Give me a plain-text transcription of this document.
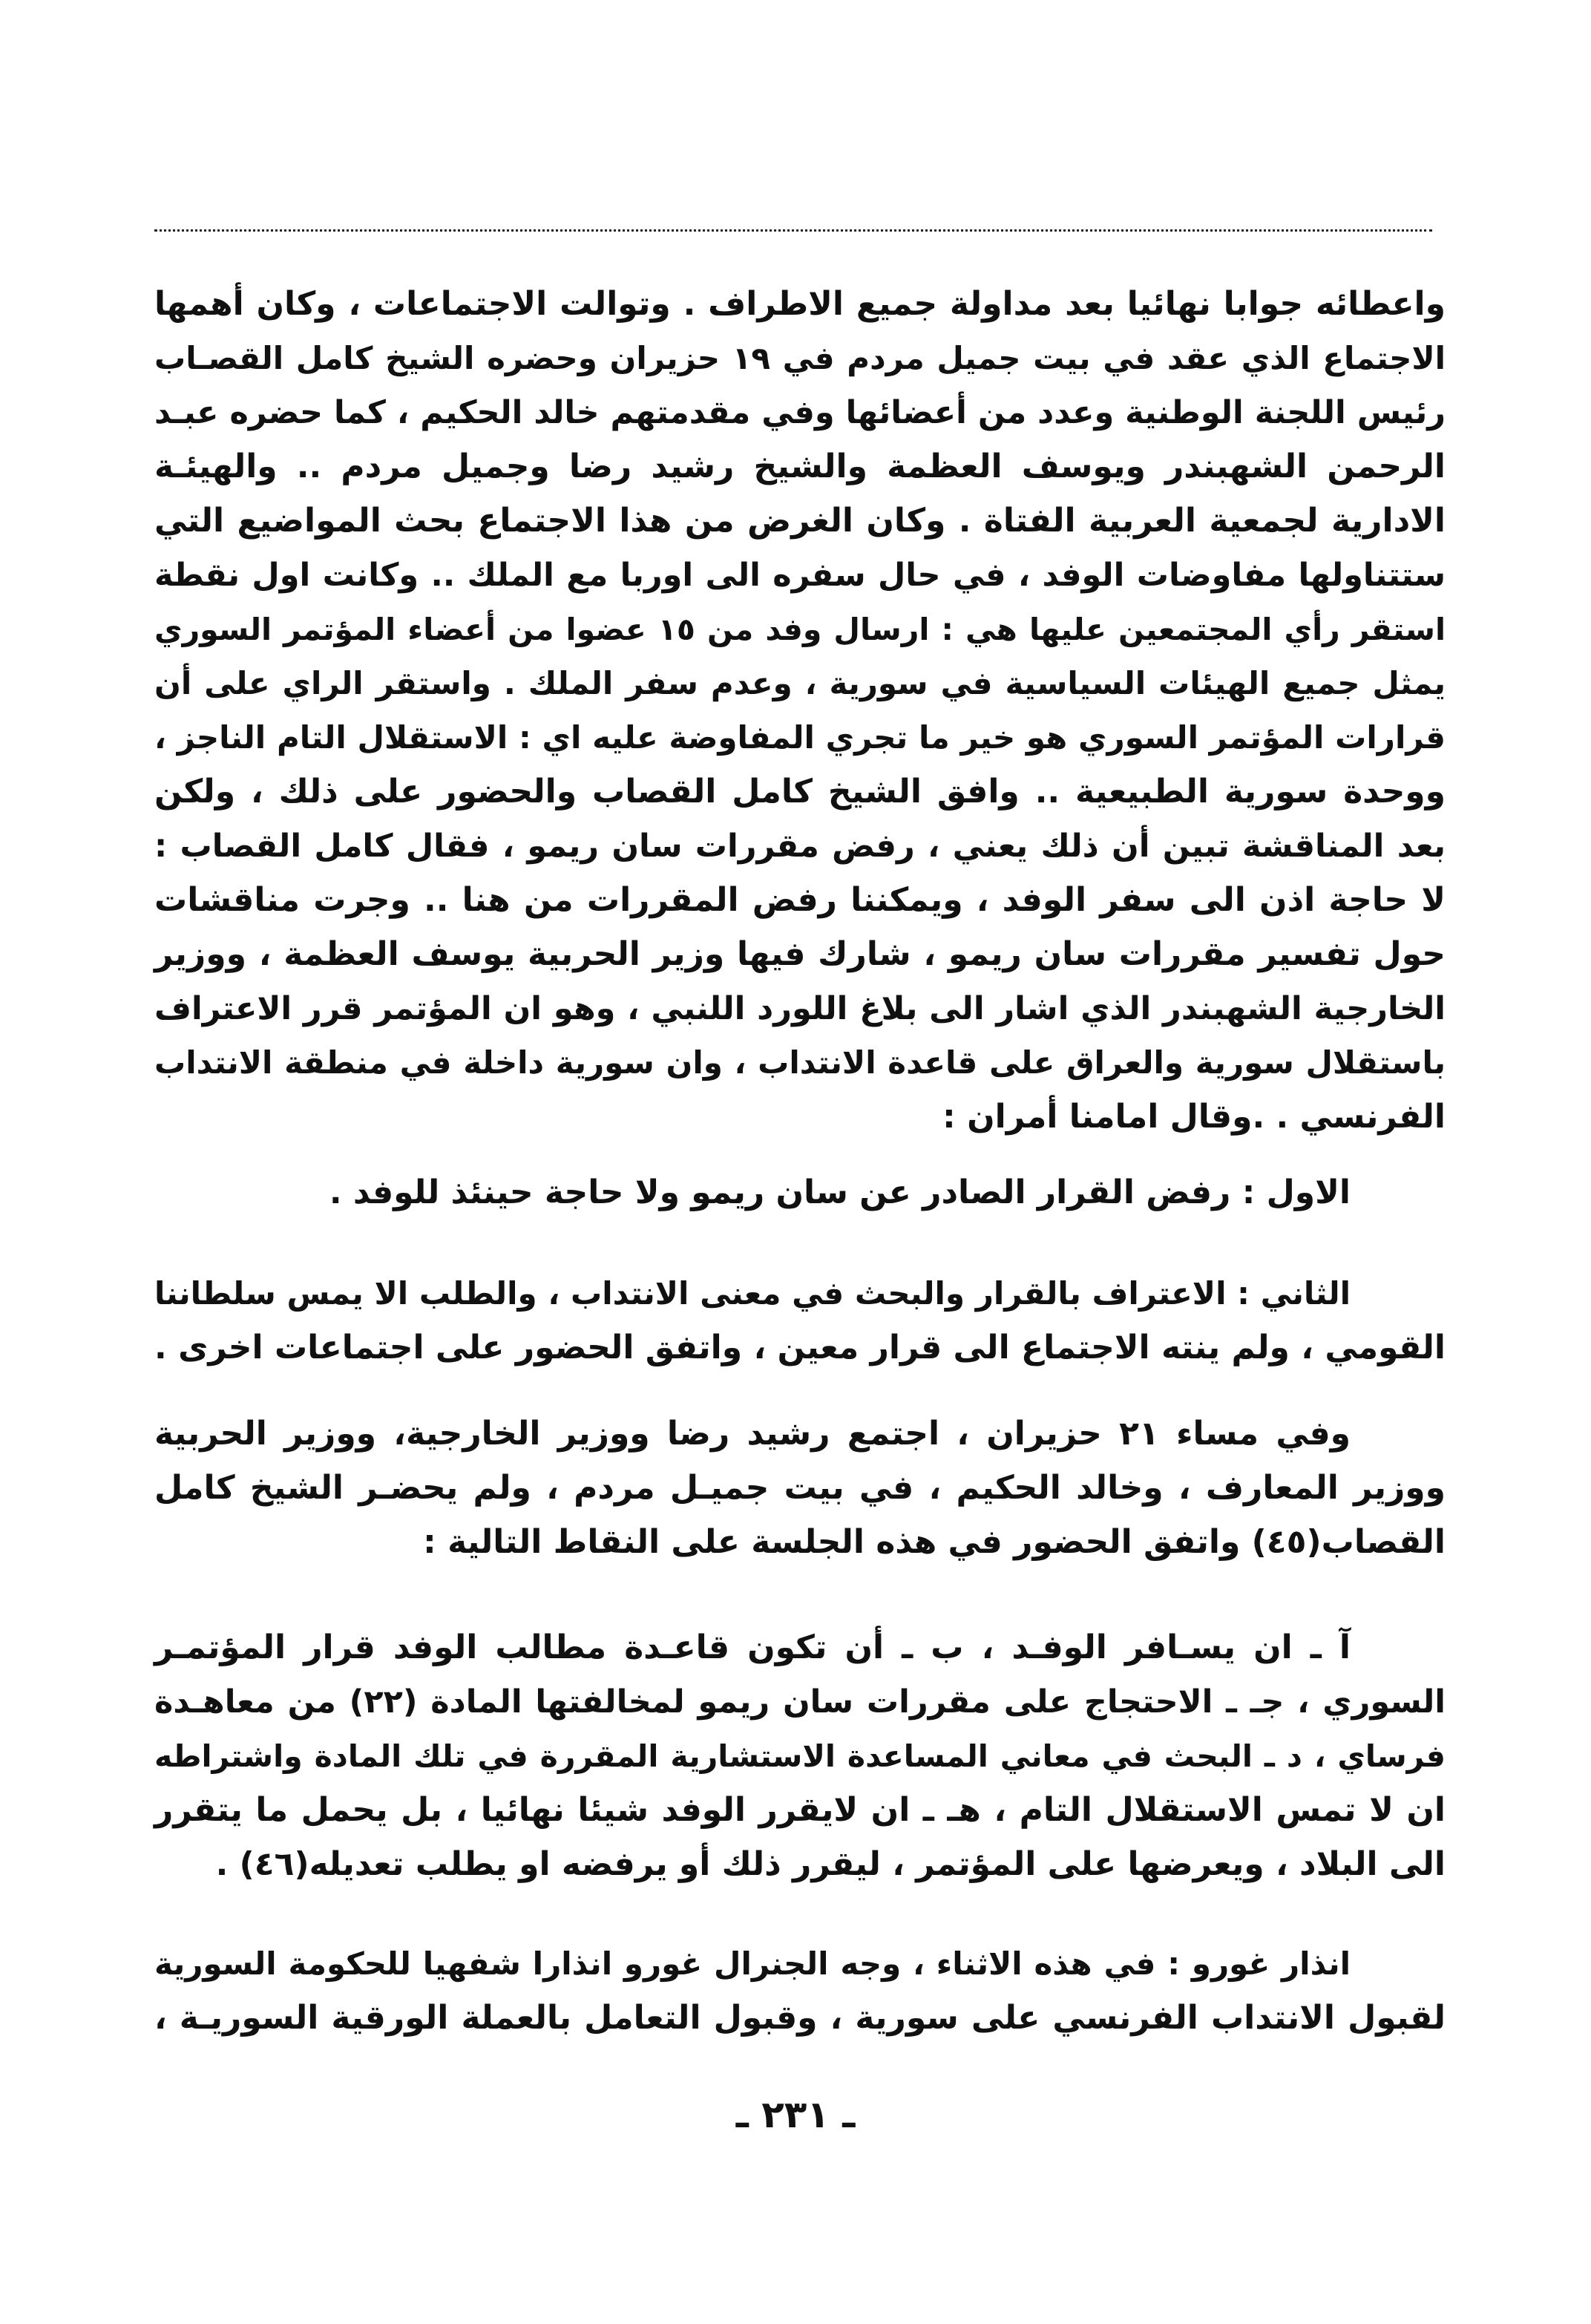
واعطائه جوابا نهائيا بعد مداولة جميع الاطراف . وتوالت الاجتماعات ، وكان أهمها
الاجتماع الذي عقد في بيت جميل مردم في ١٩ حزيران وحضره الشيخ كامل القصـاب
رئيس اللجنة الوطنية وعدد من أعضائها وفي مقدمتهم خالد الحكيم ، كما حضره عبـد
الرحمن الشهبندر ويوسف العظمة والشيخ رشيد رضا وجميل مردم .. والهيئـة
الادارية لجمعية العربية الفتاة . وكان الغرض من هذا الاجتماع بحث المواضيع التي
ستتناولها مفاوضات الوفد ، في حال سفره الى اوربا مع الملك .. وكانت اول نقطة
استقر رأي المجتمعين عليها هي : ارسال وفد من ١٥ عضوا من أعضاء المؤتمر السوري
يمثل جميع الهيئات السياسية في سورية ، وعدم سفر الملك . واستقر الراي على أن
قرارات المؤتمر السوري هو خير ما تجري المفاوضة عليه اي : الاستقلال التام الناجز ،
ووحدة سورية الطبيعية .. وافق الشيخ كامل القصاب والحضور على ذلك ، ولكن
بعد المناقشة تبين أن ذلك يعني ، رفض مقررات سان ريمو ، فقال كامل القصاب :
لا حاجة اذن الى سفر الوفد ، ويمكننا رفض المقررات من هنا .. وجرت مناقشات
حول تفسير مقررات سان ريمو ، شارك فيها وزير الحربية يوسف العظمة ، ووزير
الخارجية الشهبندر الذي اشار الى بلاغ اللورد اللنبي ، وهو ان المؤتمر قرر الاعتراف
باستقلال سورية والعراق على قاعدة الانتداب ، وان سورية داخلة في منطقة الانتداب
الفرنسي . .وقال امامنا أمران :
الاول : رفض القرار الصادر عن سان ريمو ولا حاجة حينئذ للوفد .
الثاني : الاعتراف بالقرار والبحث في معنى الانتداب ، والطلب الا يمس سلطاننا
القومي ، ولم ينته الاجتماع الى قرار معين ، واتفق الحضور على اجتماعات اخرى .
وفي مساء ٢١ حزيران ، اجتمع رشيد رضا ووزير الخارجية، ووزير الحربية
ووزير المعارف ، وخالد الحكيم ، في بيت جميـل مردم ، ولم يحضـر الشيخ كامل
القصاب(٤٥) واتفق الحضور في هذه الجلسة على النقاط التالية :
آ ـ ان يسـافر الوفـد ، ب ـ أن تكون قاعـدة مطالب الوفد قرار المؤتمـر
السوري ، جـ ـ الاحتجاج على مقررات سان ريمو لمخالفتها المادة (٢٢) من معاهـدة
فرساي ، د ـ البحث في معاني المساعدة الاستشارية المقررة في تلك المادة واشتراطه
ان لا تمس الاستقلال التام ، هـ ـ ان لايقرر الوفد شيئا نهائيا ، بل يحمل ما يتقرر
الى البلاد ، ويعرضها على المؤتمر ، ليقرر ذلك أو يرفضه او يطلب تعديله(٤٦) .
انذار غورو : في هذه الاثناء ، وجه الجنرال غورو انذارا شفهيا للحكومة السورية
لقبول الانتداب الفرنسي على سورية ، وقبول التعامل بالعملة الورقية السوريـة ،
ـ ٢٣١ ـ
